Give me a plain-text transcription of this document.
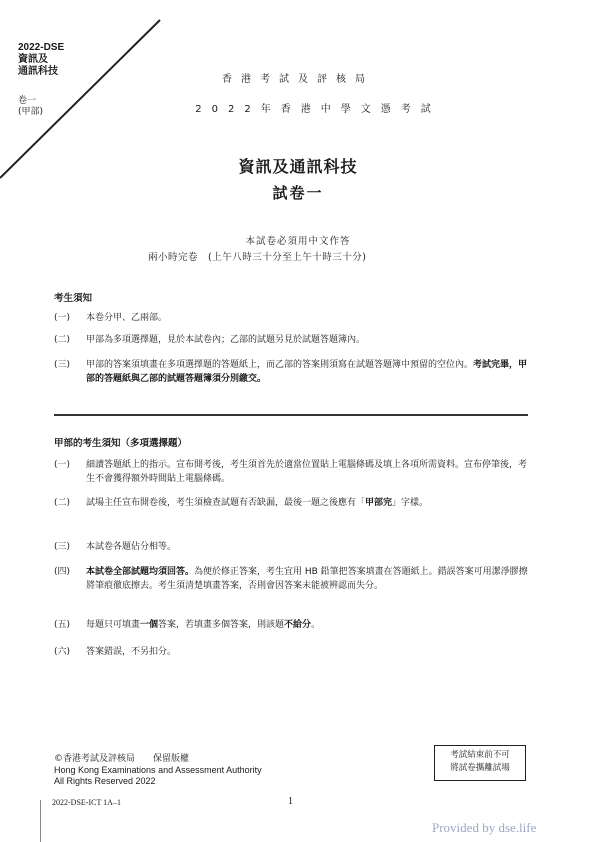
2022-DSE
資訊及
通訊科技
卷一
(甲部)
香港考試及評核局
2022年香港中學文憑考試
資訊及通訊科技
試卷一
本試卷必須用中文作答
兩小時完卷 (上午八時三十分至上午十時三十分)
考生須知
(一)	本卷分甲、乙兩部。
(二)	甲部為多項選擇題，見於本試卷內；乙部的試題另見於試題答題簿內。
(三)	甲部的答案須填畫在多項選擇題的答題紙上，而乙部的答案則須寫在試題答題簿中預留的空位內。考試完畢，甲部的答題紙與乙部的試題答題簿須分別繳交。
甲部的考生須知（多項選擇題）
(一)	細讀答題紙上的指示。宣布開考後，考生須首先於適當位置貼上電腦條碼及填上各項所需資料。宣布停筆後，考生不會獲得額外時間貼上電腦條碼。
(二)	試場主任宣布開卷後，考生須檢查試題有否缺漏，最後一題之後應有「甲部完」字樣。
(三)	本試卷各題佔分相等。
(四)	本試卷全部試題均須回答。為便於修正答案，考生宜用 HB 鉛筆把答案填畫在答題紙上。錯誤答案可用潔淨膠擦將筆痕徹底擦去。考生須清楚填畫答案，否則會因答案未能被辨認而失分。
(五)	每題只可填畫一個答案，若填畫多個答案，則該題不給分。
(六)	答案錯誤，不另扣分。
©香港考試及評核局　　保留版權
Hong Kong Examinations and Assessment Authority
All Rights Reserved 2022
考試結束前不可
將試卷攜離試場
2022-DSE-ICT 1A–1	1
Provided by dse.life
